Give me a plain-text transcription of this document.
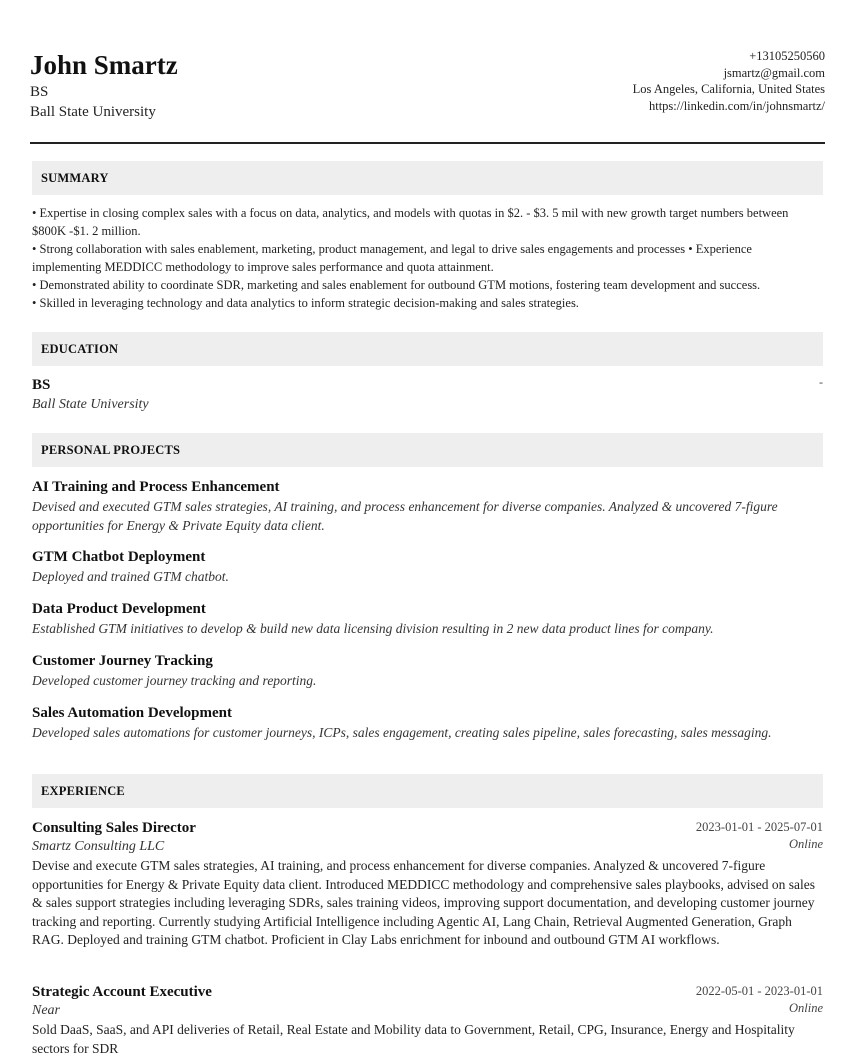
John Smartz
BS
Ball State University
+13105250560
jsmartz@gmail.com
Los Angeles, California, United States
https://linkedin.com/in/johnsmartz/
SUMMARY
• Expertise in closing complex sales with a focus on data, analytics, and models with quotas in $2. - $3. 5 mil with new growth target numbers between $800K -$1. 2 million.
• Strong collaboration with sales enablement, marketing, product management, and legal to drive sales engagements and processes • Experience implementing MEDDICC methodology to improve sales performance and quota attainment.
• Demonstrated ability to coordinate SDR, marketing and sales enablement for outbound GTM motions, fostering team development and success.
• Skilled in leveraging technology and data analytics to inform strategic decision-making and sales strategies.
EDUCATION
BS	-
Ball State University
PERSONAL PROJECTS
AI Training and Process Enhancement
Devised and executed GTM sales strategies, AI training, and process enhancement for diverse companies. Analyzed & uncovered 7-figure opportunities for Energy & Private Equity data client.
GTM Chatbot Deployment
Deployed and trained GTM chatbot.
Data Product Development
Established GTM initiatives to develop & build new data licensing division resulting in 2 new data product lines for company.
Customer Journey Tracking
Developed customer journey tracking and reporting.
Sales Automation Development
Developed sales automations for customer journeys, ICPs, sales engagement, creating sales pipeline, sales forecasting, sales messaging.
EXPERIENCE
Consulting Sales Director
Smartz Consulting LLC
2023-01-01 - 2025-07-01
Online
Devise and execute GTM sales strategies, AI training, and process enhancement for diverse companies. Analyzed & uncovered 7-figure opportunities for Energy & Private Equity data client. Introduced MEDDICC methodology and comprehensive sales playbooks, advised on sales & sales support strategies including leveraging SDRs, sales training videos, improving support documentation, and developing customer journey tracking and reporting. Currently studying Artificial Intelligence including Agentic AI, Lang Chain, Retrieval Augmented Generation, Graph RAG. Deployed and training GTM chatbot. Proficient in Clay Labs enrichment for inbound and outbound GTM AI workflows.
Strategic Account Executive
Near
2022-05-01 - 2023-01-01
Online
Sold DaaS, SaaS, and API deliveries of Retail, Real Estate and Mobility data to Government, Retail, CPG, Insurance, Energy and Hospitality sectors for SDR
